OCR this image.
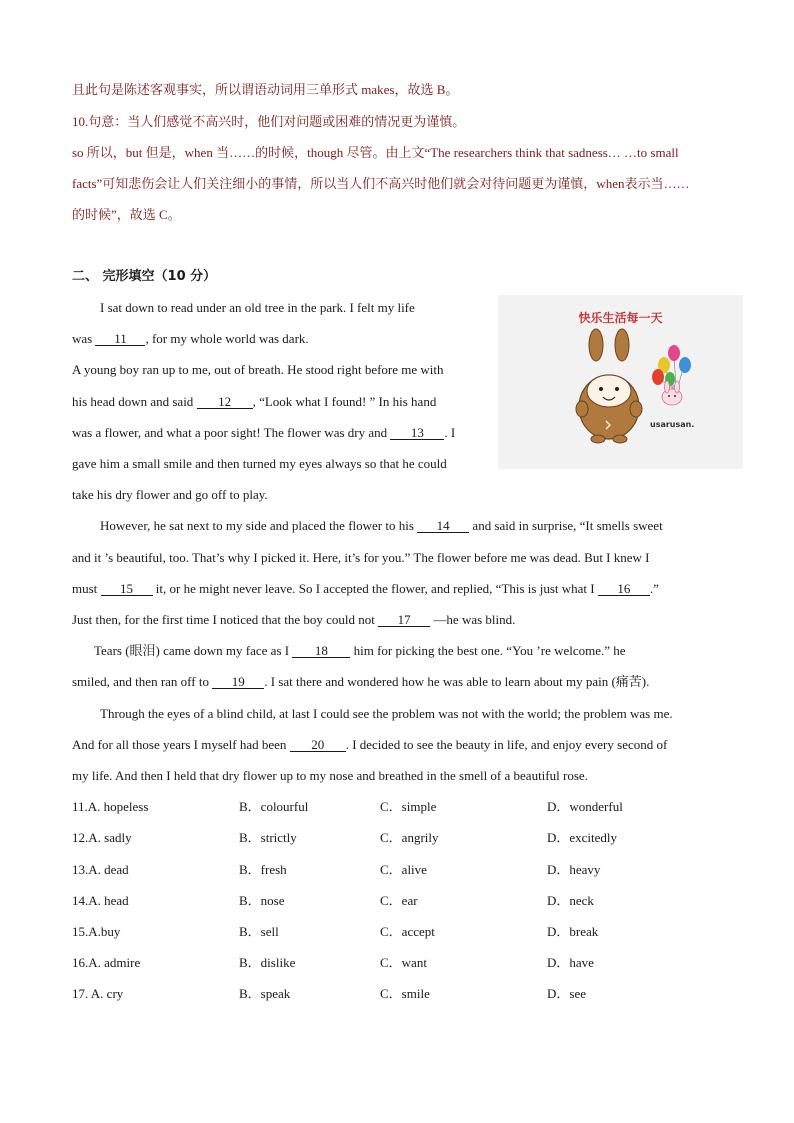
且此句是陈述客观事实，所以谓语动词用三单形式 makes，故选 B。
10.句意：当人们感觉不高兴时，他们对问题或困难的情况更为谨慎。
so 所以，but 但是，when 当……的时候，though 尽管。由上文“The researchers think that sadness… …to small
facts”可知悲伤会让人们关注细小的事情，所以当人们不高兴时他们就会对待问题更为谨慎，when表示当……
的时候”，故选 C。
二、 完形填空（10 分）
快乐生活每一天
usarusan.
I sat down to read under an old tree in the park. I felt my life
was 11 , for my whole world was dark.
A young boy ran up to me, out of breath. He stood right before me with
his head down and said 12 , “Look what I found! ” In his hand
was a flower, and what a poor sight! The flower was dry and 13 . I
gave him a small smile and then turned my eyes always so that he could
take his dry flower and go off to play.
However, he sat next to my side and placed the flower to his 14 and said in surprise, “It smells sweet
and it ’s beautiful, too. That’s why I picked it. Here, it’s for you.” The flower before me was dead. But I knew I
must 15 it, or he might never leave. So I accepted the flower, and replied, “This is just what I 16 .”
Just then, for the first time I noticed that the boy could not 17 —he was blind.
Tears (眼泪) came down my face as I 18 him for picking the best one. “You ’re welcome.” he
smiled, and then ran off to 19 . I sat there and wondered how he was able to learn about my pain (痛苦).
Through the eyes of a blind child, at last I could see the problem was not with the world; the problem was me.
And for all those years I myself had been 20 . I decided to see the beauty in life, and enjoy every second of
my life. And then I held that dry flower up to my nose and breathed in the smell of a beautiful rose.
11.A. hopeless	B．colourful	C．simple	D．wonderful
12.A. sadly	B．strictly	C．angrily	D．excitedly
13.A. dead	B．fresh	C．alive	D．heavy
14.A. head	B．nose	C．ear	D．neck
15.A.buy	B．sell	C．accept	D．break
16.A. admire	B．dislike	C．want	D．have
17. A. cry	B．speak	C．smile	D．see
